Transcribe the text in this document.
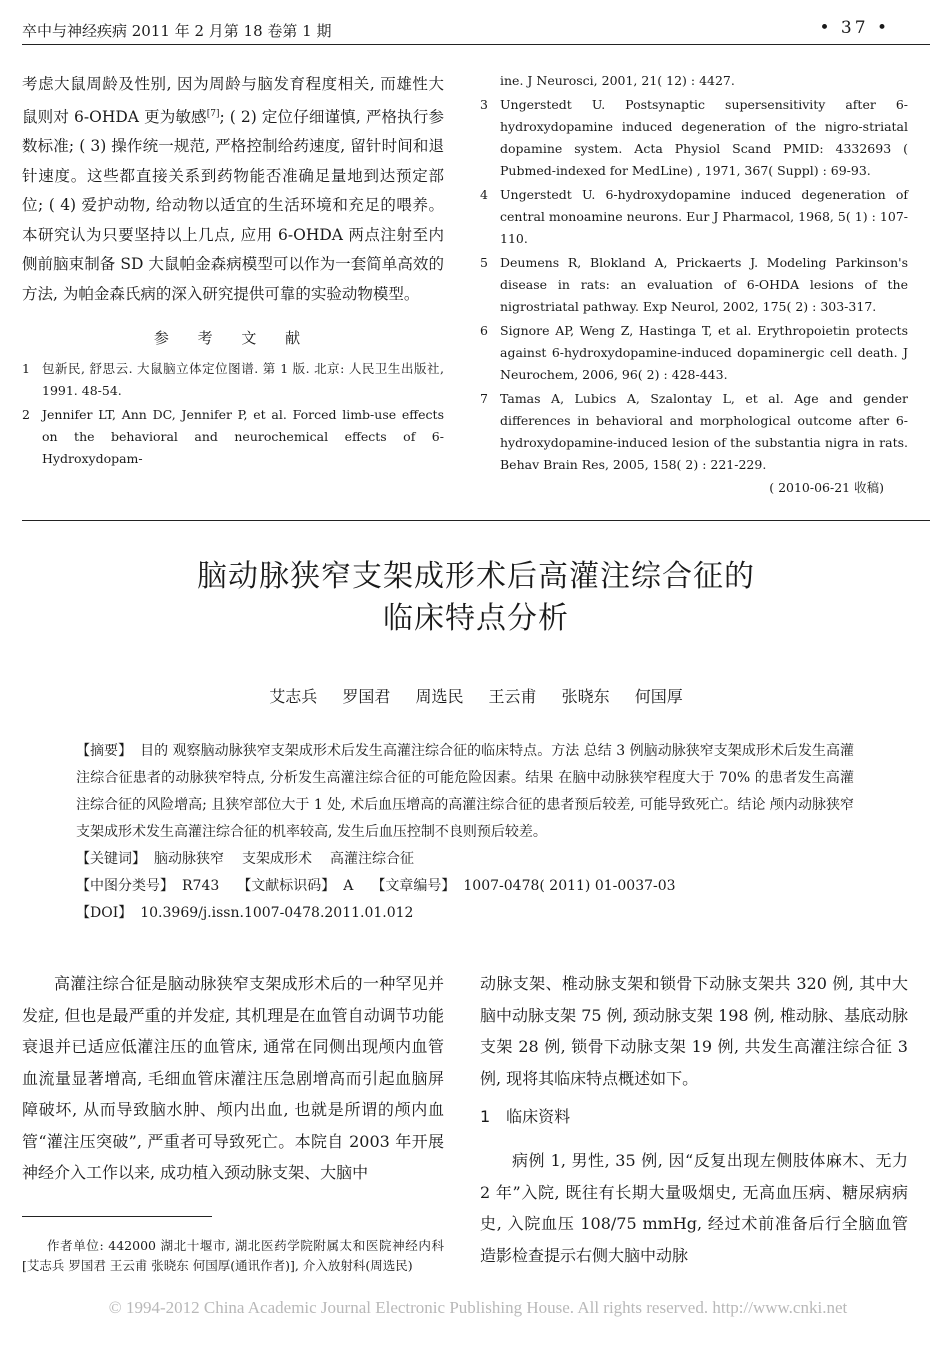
卒中与神经疾病 2011 年 2 月第 18 卷第 1 期	• 37 •

考虑大鼠周龄及性别, 因为周龄与脑发育程度相关, 而雄性大鼠则对 6-OHDA 更为敏感[7]; ( 2) 定位仔细谨慎, 严格执行参数标准; ( 3) 操作统一规范, 严格控制给药速度, 留针时间和退针速度。这些都直接关系到药物能否准确足量地到达预定部位; ( 4) 爱护动物, 给动物以适宜的生活环境和充足的喂养。本研究认为只要坚持以上几点, 应用 6-OHDA 两点注射至内侧前脑束制备 SD 大鼠帕金森病模型可以作为一套简单高效的方法, 为帕金森氏病的深入研究提供可靠的实验动物模型。

参 考 文 献
1 包新民, 舒思云. 大鼠脑立体定位图谱. 第 1 版. 北京: 人民卫生出版社, 1991. 48-54.
2 Jennifer LT, Ann DC, Jennifer P, et al. Forced limb-use effects on the behavioral and neurochemical effects of 6-Hydroxydopam-
ine. J Neurosci, 2001, 21( 12) : 4427.
3 Ungerstedt U. Postsynaptic supersensitivity after 6-hydroxydopamine induced degeneration of the nigro-striatal dopamine system. Acta Physiol Scand PMID: 4332693 ( Pubmed-indexed for MedLine) , 1971, 367( Suppl) : 69-93.
4 Ungerstedt U. 6-hydroxydopamine induced degeneration of central monoamine neurons. Eur J Pharmacol, 1968, 5( 1) : 107-110.
5 Deumens R, Blokland A, Prickaerts J. Modeling Parkinson's disease in rats: an evaluation of 6-OHDA lesions of the nigrostriatal pathway. Exp Neurol, 2002, 175( 2) : 303-317.
6 Signore AP, Weng Z, Hastinga T, et al. Erythropoietin protects against 6-hydroxydopamine-induced dopaminergic cell death. J Neurochem, 2006, 96( 2) : 428-443.
7 Tamas A, Lubics A, Szalontay L, et al. Age and gender differences in behavioral and morphological outcome after 6-hydroxydopamine-induced lesion of the substantia nigra in rats. Behav Brain Res, 2005, 158( 2) : 221-229.
( 2010-06-21 收稿)
脑动脉狭窄支架成形术后高灌注综合征的
临床特点分析
艾志兵 罗国君 周选民 王云甫 张晓东 何国厚

【摘要】 目的 观察脑动脉狭窄支架成形术后发生高灌注综合征的临床特点。方法 总结 3 例脑动脉狭窄支架成形术后发生高灌注综合征患者的动脉狭窄特点, 分析发生高灌注综合征的可能危险因素。结果 在脑中动脉狭窄程度大于 70% 的患者发生高灌注综合征的风险增高; 且狭窄部位大于 1 处, 术后血压增高的高灌注综合征的患者预后较差, 可能导致死亡。结论 颅内动脉狭窄支架成形术发生高灌注综合征的机率较高, 发生后血压控制不良则预后较差。

【关键词】 脑动脉狭窄 支架成形术 高灌注综合征

【中图分类号】 R743 【文献标识码】 A 【文章编号】 1007-0478( 2011) 01-0037-03

【DOI】 10.3969/j.issn.1007-0478.2011.01.012

高灌注综合征是脑动脉狭窄支架成形术后的一种罕见并发症, 但也是最严重的并发症, 其机理是在血管自动调节功能衰退并已适应低灌注压的血管床, 通常在同侧出现颅内血管血流量显著增高, 毛细血管床灌注压急剧增高而引起血脑屏障破坏, 从而导致脑水肿、颅内出血, 也就是所谓的颅内血管“灌注压突破”, 严重者可导致死亡。本院自 2003 年开展神经介入工作以来, 成功植入颈动脉支架、大脑中

动脉支架、椎动脉支架和锁骨下动脉支架共 320 例, 其中大脑中动脉支架 75 例, 颈动脉支架 198 例, 椎动脉、基底动脉支架 28 例, 锁骨下动脉支架 19 例, 共发生高灌注综合征 3 例, 现将其临床特点概述如下。

1　临床资料

病例 1, 男性, 35 例, 因“反复出现左侧肢体麻木、无力 2 年”入院, 既往有长期大量吸烟史, 无高血压病、糖尿病病史, 入院血压 108/75 mmHg, 经过术前准备后行全脑血管造影检查提示右侧大脑中动脉

作者单位: 442000 湖北十堰市, 湖北医药学院附属太和医院神经内科[艾志兵 罗国君 王云甫 张晓东 何国厚(通讯作者)], 介入放射科(周选民)

© 1994-2012 China Academic Journal Electronic Publishing House. All rights reserved. http://www.cnki.net
